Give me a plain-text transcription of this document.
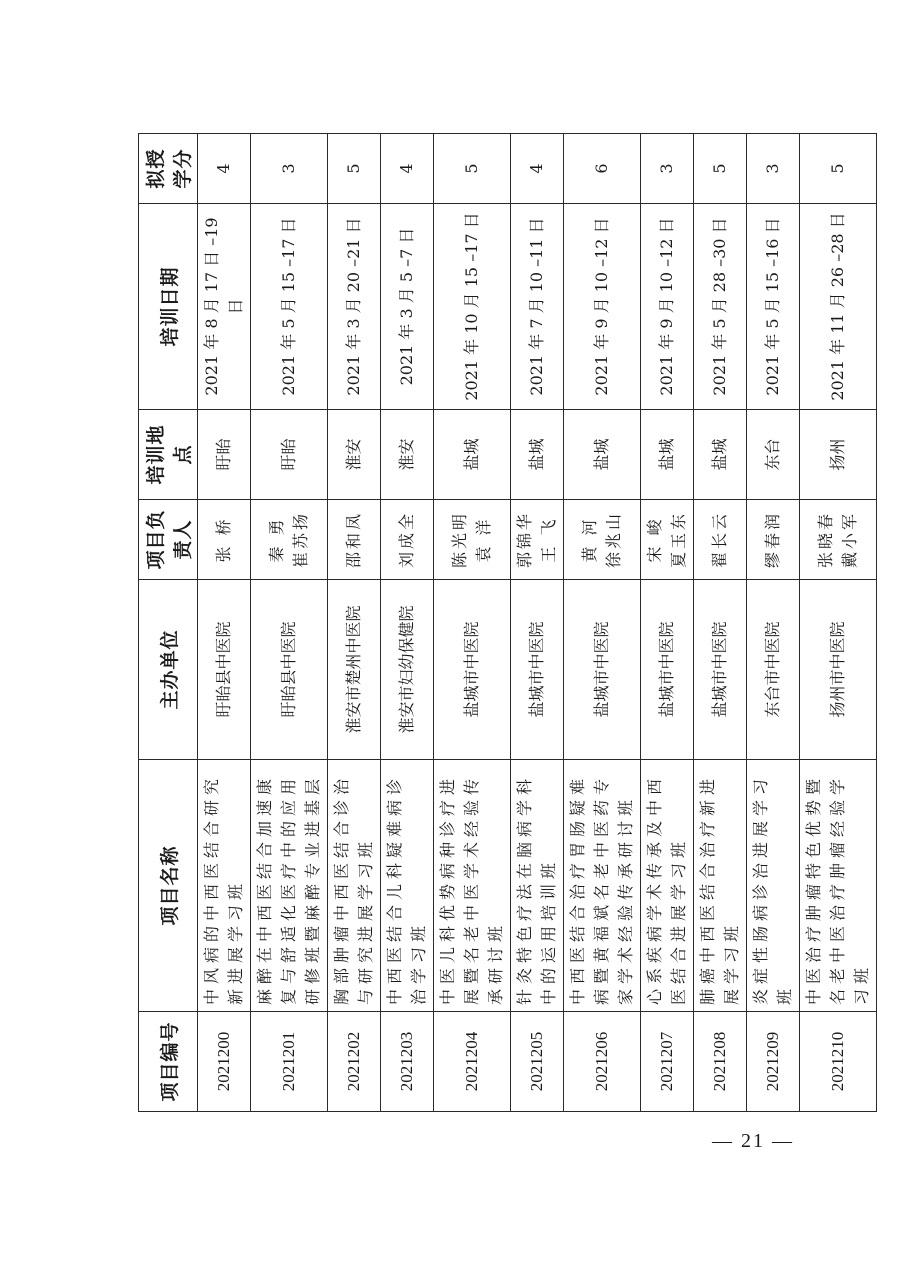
项目编号	项目名称	主办单位	项目负责人	培训地点	培训日期	拟授学分
2021200	中风病的中西医结合研究新进展学习班	盱眙县中医院	张 桥	盱眙	2021 年 8 月 17 日 –19 日	4
2021201	麻醉在中西医结合加速康复与舒适化医疗中的应用研修班暨麻醉专业进基层	盱眙县中医院	秦 勇 崔苏扬	盱眙	2021 年 5 月 15 –17 日	3
2021202	胸部肿瘤中西医结合诊治与研究进展学习班	淮安市楚州中医院	邵和凤	淮安	2021 年 3 月 20 –21 日	5
2021203	中西医结合儿科疑难病诊治学习班	淮安市妇幼保健院	刘成全	淮安	2021 年 3 月 5 –7 日	4
2021204	中医儿科优势病种诊疗进展暨名老中医学术经验传承研讨班	盐城市中医院	陈光明 袁 洋	盐城	2021 年 10 月 15 –17 日	5
2021205	针灸特色疗法在脑病学科中的运用培训班	盐城市中医院	郭锦华 王 飞	盐城	2021 年 7 月 10 –11 日	4
2021206	中西医结合治疗胃肠疑难病暨黄福斌名老中医药专家学术经验传承研讨班	盐城市中医院	黄 河 徐兆山	盐城	2021 年 9 月 10 –12 日	6
2021207	心系疾病学术传承及中西医结合进展学习班	盐城市中医院	宋 峻 夏玉东	盐城	2021 年 9 月 10 –12 日	3
2021208	肺癌中西医结合治疗新进展学习班	盐城市中医院	翟长云	盐城	2021 年 5 月 28 –30 日	5
2021209	炎症性肠病诊治进展学习班	东台市中医院	缪春润	东台	2021 年 5 月 15 –16 日	3
2021210	中医治疗肿瘤特色优势暨名老中医治疗肿瘤经验学习班	扬州市中医院	张晓春 戴小军	扬州	2021 年 11 月 26 –28 日	5
— 21 —
